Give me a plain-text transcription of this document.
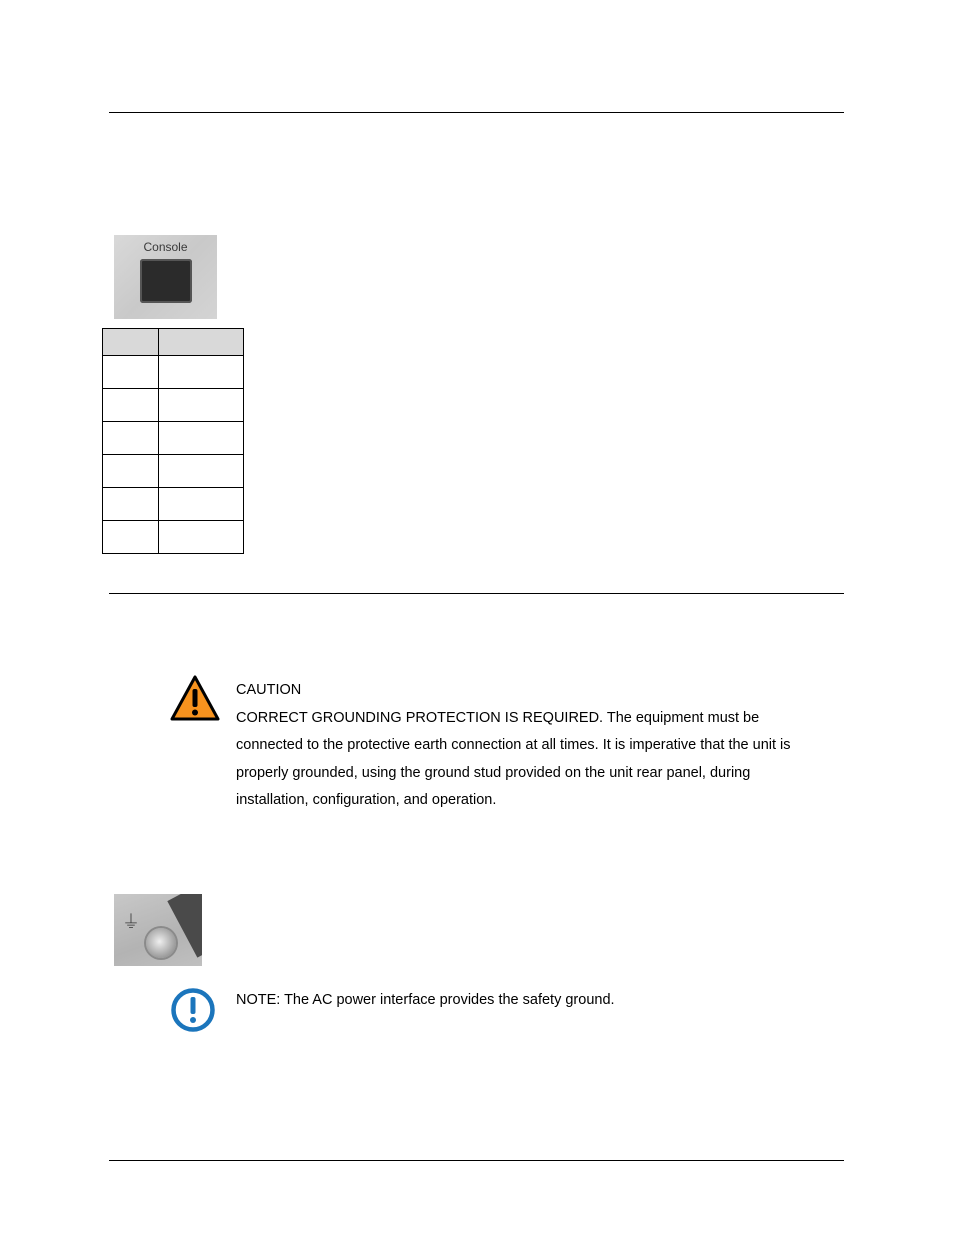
Console

CAUTION
CORRECT GROUNDING PROTECTION IS REQUIRED. The equipment must be
connected to the protective earth connection at all times. It is imperative that the unit is
properly grounded, using the ground stud provided on the unit rear panel, during
installation, configuration, and operation.
⏚
NOTE: The AC power interface provides the safety ground.
